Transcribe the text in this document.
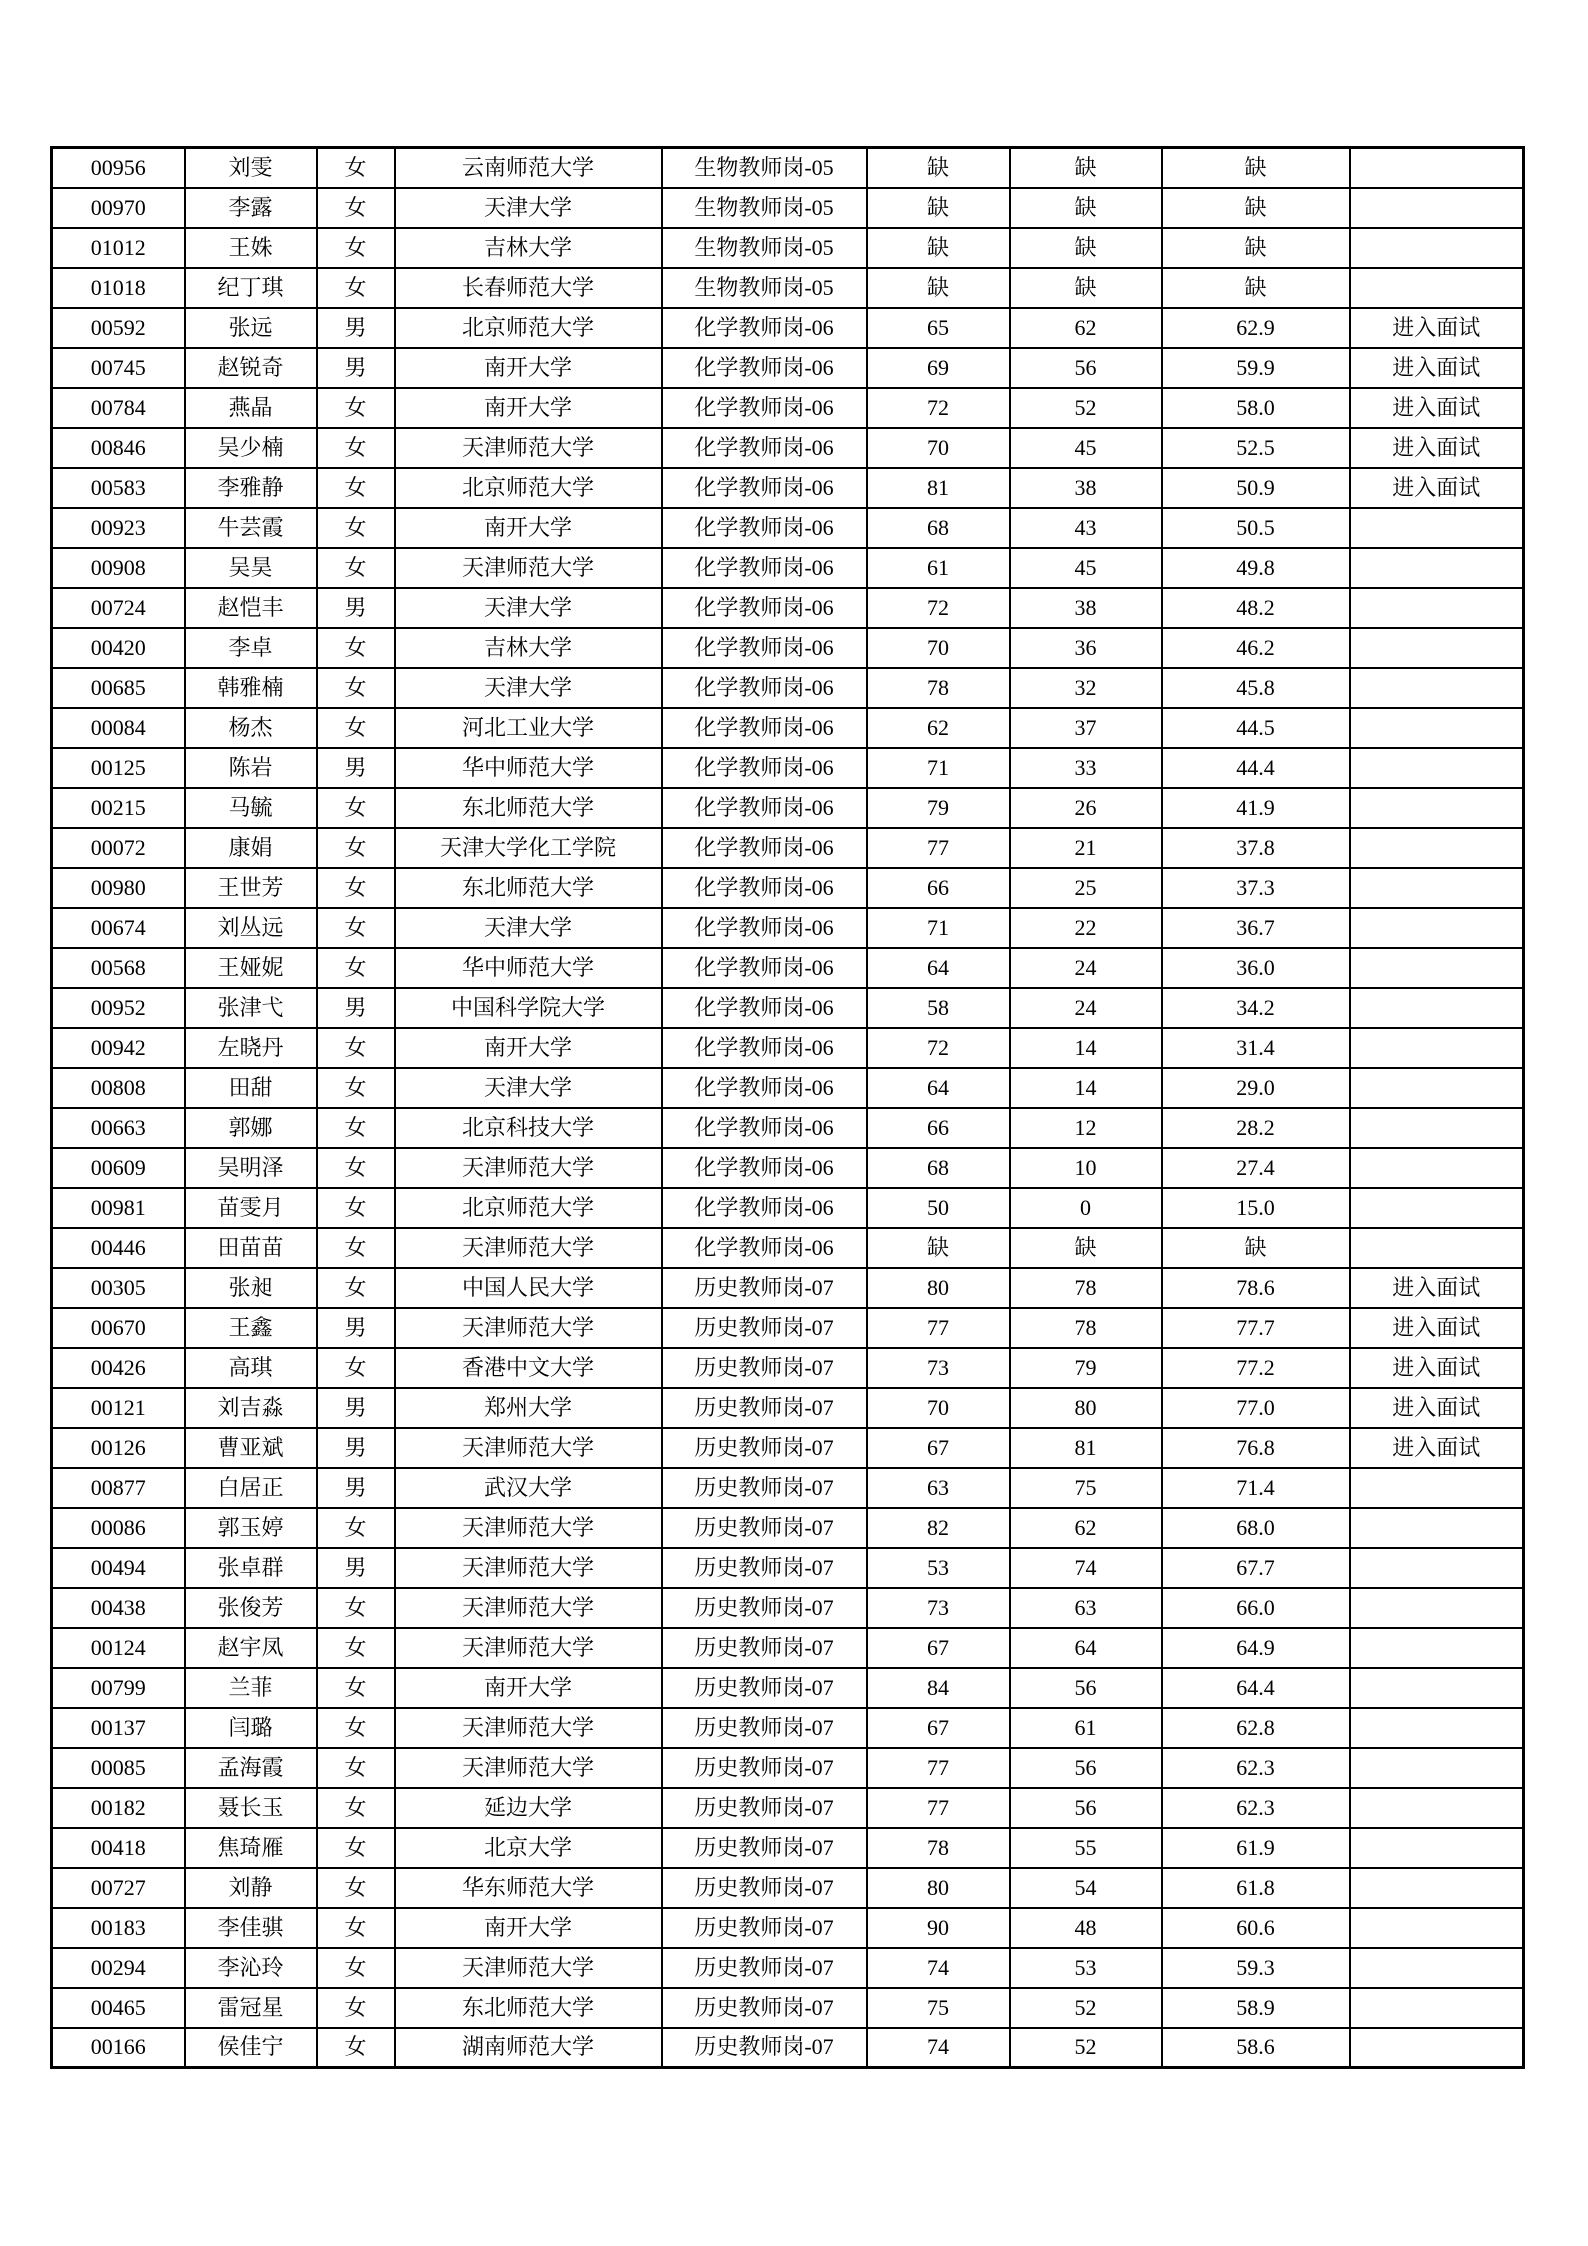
00956	刘雯	女	云南师范大学	生物教师岗-05	缺	缺	缺	
00970	李露	女	天津大学	生物教师岗-05	缺	缺	缺	
01012	王姝	女	吉林大学	生物教师岗-05	缺	缺	缺	
01018	纪丁琪	女	长春师范大学	生物教师岗-05	缺	缺	缺	
00592	张远	男	北京师范大学	化学教师岗-06	65	62	62.9	进入面试
00745	赵锐奇	男	南开大学	化学教师岗-06	69	56	59.9	进入面试
00784	燕晶	女	南开大学	化学教师岗-06	72	52	58.0	进入面试
00846	吴少楠	女	天津师范大学	化学教师岗-06	70	45	52.5	进入面试
00583	李雅静	女	北京师范大学	化学教师岗-06	81	38	50.9	进入面试
00923	牛芸霞	女	南开大学	化学教师岗-06	68	43	50.5	
00908	吴昊	女	天津师范大学	化学教师岗-06	61	45	49.8	
00724	赵恺丰	男	天津大学	化学教师岗-06	72	38	48.2	
00420	李卓	女	吉林大学	化学教师岗-06	70	36	46.2	
00685	韩雅楠	女	天津大学	化学教师岗-06	78	32	45.8	
00084	杨杰	女	河北工业大学	化学教师岗-06	62	37	44.5	
00125	陈岩	男	华中师范大学	化学教师岗-06	71	33	44.4	
00215	马毓	女	东北师范大学	化学教师岗-06	79	26	41.9	
00072	康娟	女	天津大学化工学院	化学教师岗-06	77	21	37.8	
00980	王世芳	女	东北师范大学	化学教师岗-06	66	25	37.3	
00674	刘丛远	女	天津大学	化学教师岗-06	71	22	36.7	
00568	王娅妮	女	华中师范大学	化学教师岗-06	64	24	36.0	
00952	张津弋	男	中国科学院大学	化学教师岗-06	58	24	34.2	
00942	左晓丹	女	南开大学	化学教师岗-06	72	14	31.4	
00808	田甜	女	天津大学	化学教师岗-06	64	14	29.0	
00663	郭娜	女	北京科技大学	化学教师岗-06	66	12	28.2	
00609	吴明泽	女	天津师范大学	化学教师岗-06	68	10	27.4	
00981	苗雯月	女	北京师范大学	化学教师岗-06	50	0	15.0	
00446	田苗苗	女	天津师范大学	化学教师岗-06	缺	缺	缺	
00305	张昶	女	中国人民大学	历史教师岗-07	80	78	78.6	进入面试
00670	王鑫	男	天津师范大学	历史教师岗-07	77	78	77.7	进入面试
00426	高琪	女	香港中文大学	历史教师岗-07	73	79	77.2	进入面试
00121	刘吉淼	男	郑州大学	历史教师岗-07	70	80	77.0	进入面试
00126	曹亚斌	男	天津师范大学	历史教师岗-07	67	81	76.8	进入面试
00877	白居正	男	武汉大学	历史教师岗-07	63	75	71.4	
00086	郭玉婷	女	天津师范大学	历史教师岗-07	82	62	68.0	
00494	张卓群	男	天津师范大学	历史教师岗-07	53	74	67.7	
00438	张俊芳	女	天津师范大学	历史教师岗-07	73	63	66.0	
00124	赵宇凤	女	天津师范大学	历史教师岗-07	67	64	64.9	
00799	兰菲	女	南开大学	历史教师岗-07	84	56	64.4	
00137	闫璐	女	天津师范大学	历史教师岗-07	67	61	62.8	
00085	孟海霞	女	天津师范大学	历史教师岗-07	77	56	62.3	
00182	聂长玉	女	延边大学	历史教师岗-07	77	56	62.3	
00418	焦琦雁	女	北京大学	历史教师岗-07	78	55	61.9	
00727	刘静	女	华东师范大学	历史教师岗-07	80	54	61.8	
00183	李佳骐	女	南开大学	历史教师岗-07	90	48	60.6	
00294	李沁玲	女	天津师范大学	历史教师岗-07	74	53	59.3	
00465	雷冠星	女	东北师范大学	历史教师岗-07	75	52	58.9	
00166	侯佳宁	女	湖南师范大学	历史教师岗-07	74	52	58.6	
